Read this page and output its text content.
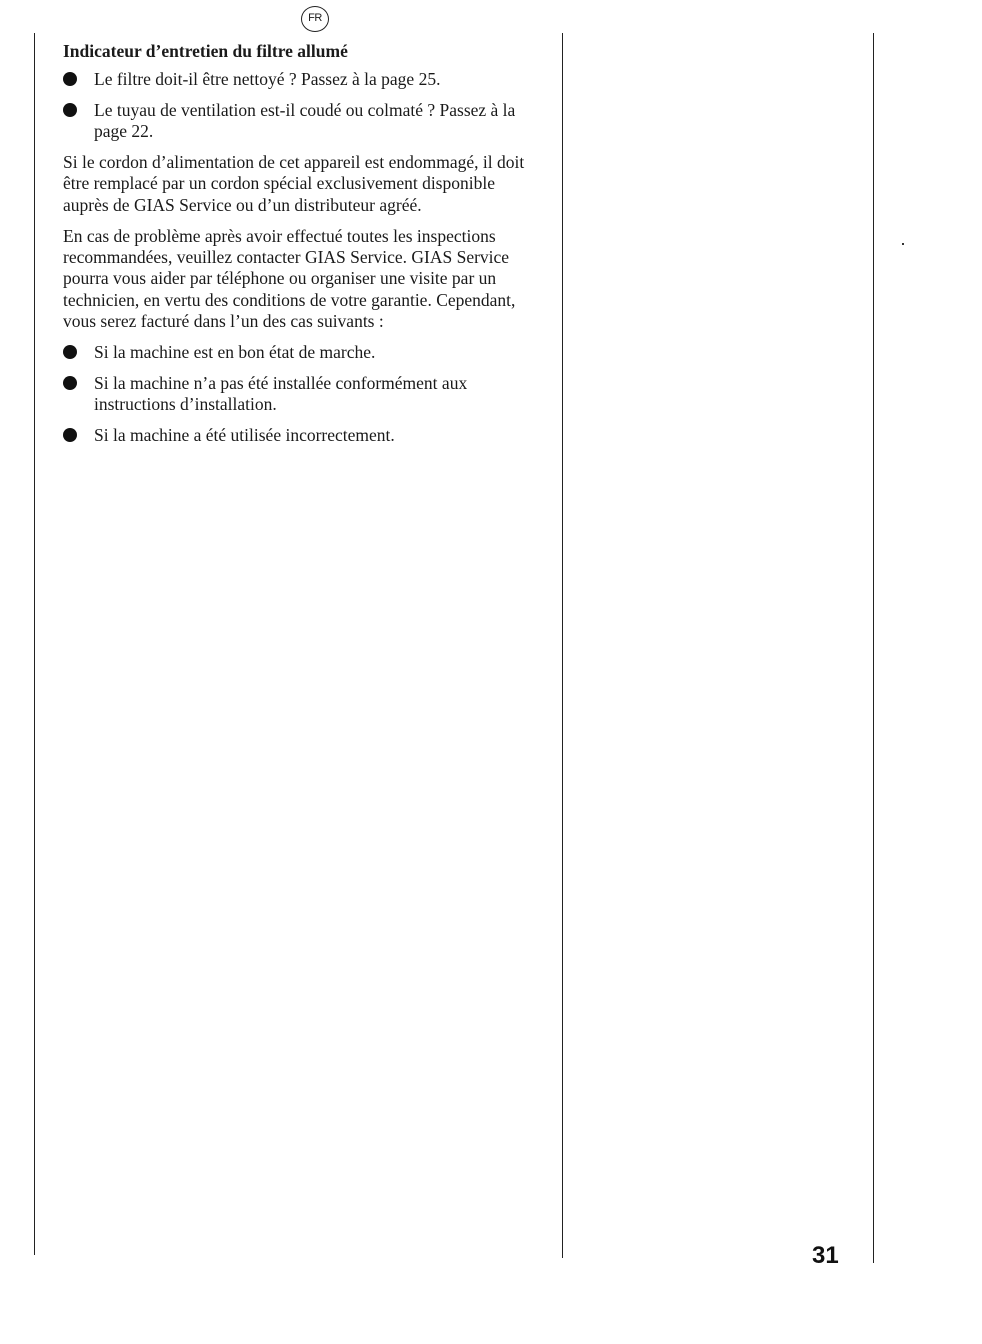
FR
Indicateur d’entretien du filtre allumé
Le filtre doit-il être nettoyé ? Passez à la page 25.
Le tuyau de ventilation est-il coudé ou colmaté ? Passez à la page 22.

Si le cordon d’alimentation de cet appareil est endommagé, il doit être remplacé par un cordon spécial exclusivement disponible auprès de GIAS Service ou d’un distributeur agréé.

En cas de problème après avoir effectué toutes les inspections recommandées, veuillez contacter GIAS Service. GIAS Service pourra vous aider par téléphone ou organiser une visite par un technicien, en vertu des conditions de votre garantie. Cependant, vous serez facturé dans l’un des cas suivants :

Si la machine est en bon état de marche.
Si la machine n’a pas été installée conformément aux instructions d’installation.
Si la machine a été utilisée incorrectement.
31
